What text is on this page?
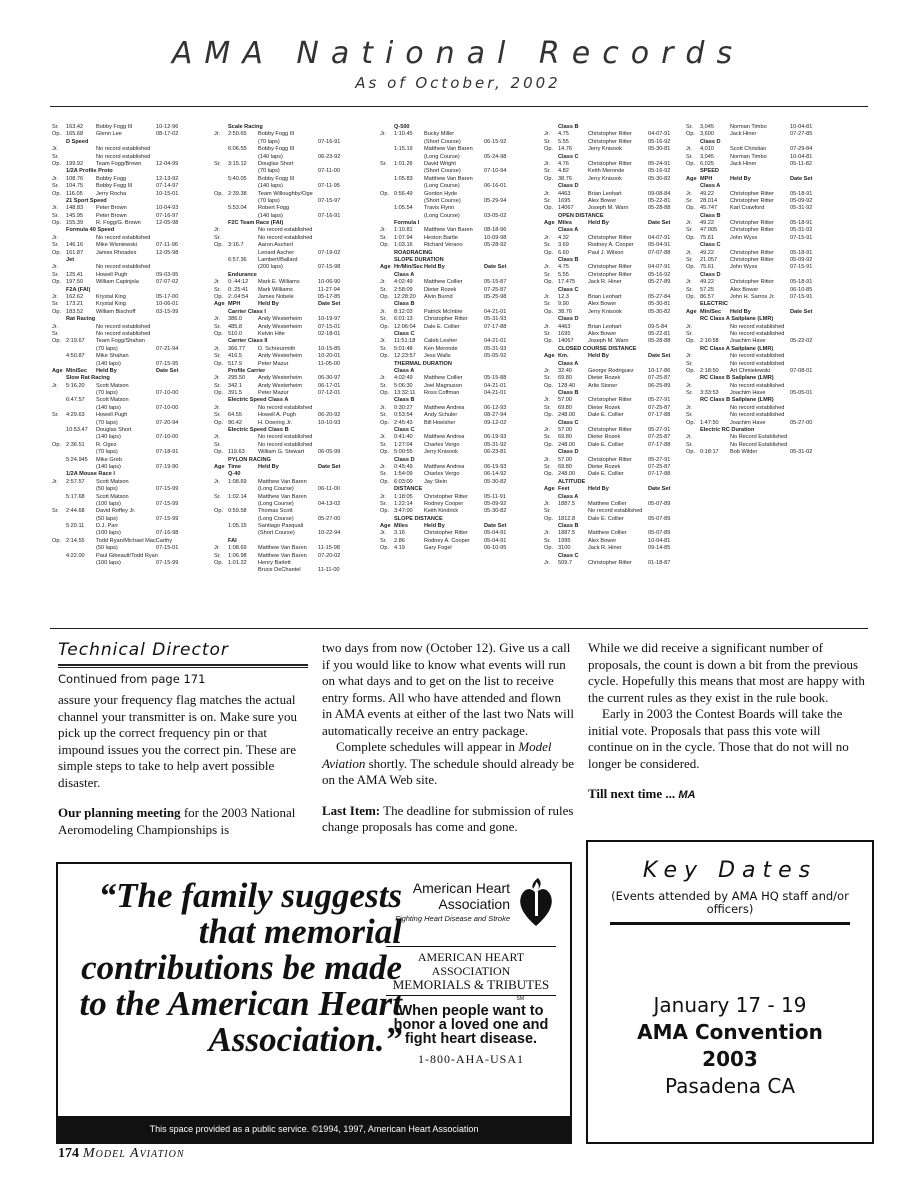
AMA National Records
As of October, 2002
Sr. 163.42 Bobby Fogg III	10-12-96
Op. 165.68 Glenn Lee	08-17-02
D Speed
Jr.	No record established
Sr.	No record established
Op. 199.92 Team Fogg/Brown	12-04-99
1/2A Profile Proto
Jr. 108.76 Bobby Fogg	12-13-92
Sr. 104.75 Bobby Fogg III	07-14-97
Op. 116.05 Jerry Rocha	10-15-01
21 Sport Speed
Jr. 148.83 Peter Brown	10-04-93
Sr. 145.95 Peter Brown	07-16-97
Op. 155.39 R. Fogg/G. Brown	12-05-98
Formula 40 Speed
Jr.	No record established
Sr. 146.16 Mike Wisniewski	07-11-96
Op. 161.87 James Rhoades	12-05-98
Jet
Jr.	No record established
Sr. 125.41 Howell Pugh	09-03-95
Op. 197.50 William Capinjola	07-07-02
F2A (FAI)
Jr. 162.62 Krystal King	05-17-00
Sr. 173.21 Krystal King	10-06-01
Op. 183.52 William Bischoff	03-15-99
Rat Racing
Jr.	No record established
Sr.	No record established
Op. 2:19.67 Team Fogg/Shahan
(70 laps)	07-21-94
4:50.87 Mike Shahan
(140 laps)	07-15-95
Age MiniSec Held By	Date Set
Slow Rat Racing
Jr. 5:16.20 Scott Matson
(70 laps)	07-10-00
6:47.57 Scott Matson
(140 laps)	07-10-00
Sr. 4:29.63 Howell Pugh
(70 laps)	07-20-94
10:53.47 Douglas Short
(140 laps)	07-10-00
Op. 2:36.51 R. Ogez
(70 laps)	07-18-91
5:24.945 Mike Greb
(140 laps)	07-19-90
1/2A Mouse Race I
Jr. 2:57.57 Scott Matson
(50 laps)	07-15-99
5:17.68 Scott Matson
(100 laps)	07-15-99
Sr. 2:44.68 David Roffey Jr.
(50 laps)	07-15-99
5:20.11 D.J. Parr
(100 laps)	07-16-98
Op. 2:14.55 Todd Ryan/Michael MacCarthy
(50 laps)	07-15-01
4:22.00 Paul Gibeault/Todd Ryan
(100 laps)	07-15-99
Scale Racing
Jr. 2:50.65 Bobby Fogg III
(70 laps)	07-16-91
6:06.55 Bobby Fogg III
(140 laps)	06-23-92
Sr. 3:15.12 Douglas Short
(70 laps)	07-11-00
5:40.05 Bobby Fogg III
(140 laps)	07-11-95
Op. 2:39.38 Team Willoughby/Oge
(70 laps)	07-15-97
5:53.04 Robert Fogg
(140 laps)	07-16-91
F2C Team Race (FAI)
Jr.	No record established
Sr.	No record established
Op. 3:16.7	Aaron Ascherl
Lenard Ascher	07-19-02
6:57.36 Lambert/Ballard
(200 laps)	07-15-98
Endurance
Jr. 0:.44:12 Mark E. Williams	10-06-90
Sr. 0:.25:41 Mark Williams	11-27-94
Op. 2:.04:54 James Nobele	05-17-85
Age MPH	Held By	Date Set
Carrier Class I
Jr. 386.0	Andy Westerheim	10-19-97
Sr. 485.8	Andy Westerheim	07-15-01
Op. 510.0	Kelvin Hite	02-18-01
Carrier Class II
Jr. 366.77 D. Schreurmith	10-15-85
Sr. 416.5	Andy Westerheim	10-20-01
Op. 517.9	Peter Mazur	11-05-00
Profile Carrier
Jr. 295.50 Andy Westerheim	06-30-97
Sr. 342.1	Andy Westerheim	06-17-01
Op. 391.5	Peter Mazur	07-12-01
Electric Speed Class A
Jr.	No record established
Sr. 64.55	Howell A. Pugh	06-20-92
Op. 90.42	H. Doering Jr.	10-10-93
Electric Speed Class B
Jr.	No record established
Sr.	No record established
Op. 119.63 William G. Stewart	06-05-99
PYLON RACING
Age Time	Held By	Date Set
Q-40
Jr. 1:08.69 Matthew Van Baren
(Long Course)	06-11-00
Sr. 1:02.14 Matthew Van Baren
(Long Course)	04-13-02
Op. 0:59.58 Thomas Scott
(Long Course)	05-27-00
1:05.15 Santiago Pasquali
(Short Course)	10-22-94
FAI
Jr. 1:08.69 Matthew Van Baren 11-15-98
Sr. 1:06.98 Matthew Van Baren 07-20-02
Op. 1:01.22 Henry Barlett
Bruce DeChantel	11-11-00
Q-500
Jr. 1:10.45 Bucky Miller
(Short Course)	06-15-92
1:15.19 Matthew Van Baren
(Long Course)	05-24-98
Sr. 1:01.26 David Wright
(Short Course)	07-10-94
1:05.83 Matthew Van Baren
(Long Course)	06-16-01
Op. 0:56.49 Gordon Hyde
(Short Course)	05-29-94
1:05.54 Travis Flynn
(Long Course)	03-05-02
Formula I
Jr. 1:10.81 Matthew Van Baren 08-18-96
Sr. 1:07.94 Heston Bartle	10-09-98
Op. 1:03.16 Richard Verano	05-28-92
ROADRACING
SLOPE DURATION
Age Hr/Min/SecHeld By	Date Set
Class A
Jr. 4:02:49 Matthew Collier	05-15-87
Sr. 2:58:09 Dieter Rozek	07-25-87
Op. 12:28:20 Alvin Burnd	05-25-98
Class B
Jr. 8:12:03 Patrick McIntire	04-21-01
Sr. 6:01:13 Christopher Ritter	05-31-93
Op. 12:06:04 Dale E. Collier	07-17-88
Class C
Jr. 11:51:18 Caleb Lesher	04-21-01
Sr. 5:01:48 Ken Meronde	05-31-93
Op. 12:23:57 Jess Walls	05-05-92
THERMAL DURATION
Class A
Jr. 4:02:49 Matthew Collier	05-15-88
Sr. 5:06:30 Joel Magnuson	04-21-01
Op. 13:32:11 Ross Coffman	04-21-01
Class B
Jr. 0:30:27 Matthew Andrea	06-12-93
Sr. 0:53:54 Andy Schuler	08-27-94
Op. 2:45:43 Bill Hoelsher	09-12-02
Class C
Jr. 0:41:40 Matthew Andrea	06-19-93
Sr. 1:27:04 Charles Vergo	05-31-92
Op. 5:00:55 Jerry Knisook	06-23-81
Class D
Jr. 0:45:49 Matthew Andrea	06-19-93
Sr. 1:54:09 Charles Vergo	06-14-92
Op. 6:03:00 Jay Stein	05-30-82
DISTANCE
Jr. 1:18:05 Christopher Ritter	05-11-91
Sr. 1:22:14 Rodney Cooper	05-09-92
Op. 3:47:00 Keith Kindrick	05-30-82
SLOPE DISTANCE
Age Miles	Held By	Date Set
Jr. 3.16	Christopher Ritter	05-04-91
Sr. 2.86	Rodney A. Cooper	05-04-91
Op. 4.19	Gary Fogel	06-10-95
Class B
Jr. 4.75	Christopher Ritter	04-07-91
Sr. 5.55	Christopher Ritter	05-16-92
Op. 14.76	Jerry Knisook	05-30-81
Class C
Jr. 4.76	Christopher Ritter	05-24-91
Sr. 4.82	Keith Meronde	05-16-92
Op. 38.76	Jerry Knisook	05-30-82
Class D
Jr. 4463	Brian Leohart	09-08-84
Sr. 1695	Alex Bower	05-22-81
Op. 14067	Joseph M. Warn	05-28-88
OPEN DISTANCE
Age Miles	Held By	Date Set
Class A
Jr. 4.32	Christopher Ritter	04-07-91
Sr. 3.69	Rodney A. Cooper	05-04-91
Op. 6.60	Paul J. Wilson	07-07-88
Class B
Jr. 4.75	Christopher Ritter	04-07-91
Sr. 5.55	Christopher Ritter	05-16-92
Op. 17.475 Jack R. Hiner	05-27-89
Class C
Jr. 12.3	Brian Leohart	05-27-84
Sr. 9.90	Alex Bower	05-30-81
Op. 38.76	Jerry Knisook	05-30-82
Class D
Jr. 4463	Brian Leohart	09-5-84
Sr. 1695	Alex Bower	05-22-81
Op. 14067	Joseph M. Warn	05-28-88
CLOSED COURSE DISTANCE
Age Km.	Held By	Date Set
Class A
Jr. 32.40	George Rodriguez	10-17-86
Sr. 69.80	Dieter Rozek	07-25-87
Op. 128.40 Arlie Stoner	06-25-89
Class B
Jr. 57.00	Christopher Ritter	05-27-91
Sr. 69.80	Dieter Rozek	07-25-87
Op. 248.00 Dale E. Collier	07-17-88
Class C
Jr. 57.00	Christopher Ritter	05-27-91
Sr. 69.80	Dieter Rozek	07-25-87
Op. 248.00 Dale E. Collier	07-17-88
Class D
Jr. 57.00	Christopher Ritter	05-27-91
Sr. 69.80	Dieter Rozek	07-25-87
Op. 248.00 Dale E. Collier	07-17-88
ALTITUDE
Age Feet	Held By	Date Set
Class A
Jr. 1887.5 Matthew Collier	05-07-89
Sr.	No record established
Op. 1812.8 Dale E. Collier	05-07-89
Class B
Jr. 1887.5 Matthew Collier	05-07-89
Sr. 1995	Alex Bower	10-04-81
Op. 3100	Jack R. Hiner	09-14-85
Class C
Jr. 509.7	Christopher Ritter	01-18-87
Sr. 3,045	Norman Timbo	10-04-81
Op. 3,600	Jack Hiner	07-27-85
Class D
Jr. 4,010	Scott Christian	07-29-84
Sr. 3,045	Norman Timbo	10-04-81
Op. 6,025	Jack Hiner	05-11-82
SPEED
Age MPH	Held By	Date Set
Class A
Jr. 49.22	Christopher Ritter	05-18-91
Sr. 28.014 Christopher Ritter	05-09-92
Op. 45.747 Karl Crawford	05-31-92
Class B
Jr. 49.22	Christopher Ritter	05-18-91
Sr. 47.005 Christopher Ritter	05-31-92
Op. 75.61	John Wyss	07-15-91
Class C
Jr. 49.22	Christopher Ritter	05-18-91
Sr. 21.057 Christopher Ritter	05-09-92
Op. 75.61	John Wyss	07-15-91
Class D
Jr. 49.22	Christopher Ritter	05-18-91
Sr. 57.25	Alex Bower	06-10-85
Op. 86.57	John H. Sarros Jr.	07-15-91
ELECTRIC
Age Min/Sec Held By	Date Set
RC Class A Sailplane (LMR)
Jr.	No record established
Sr.	No record established
Op. 2:16:58 Joachim Have	05-22-02
RC Class A Sailplane (LMR)
Jr.	No record established
Sr.	No record established
Op. 2:18:50 Art Chmielewski	07-08-01
RC Class B Sailplane (LMR)
Jr.	No record established
Sr. 3:33:53 Joachim Have	05-05-01
RC Class B Sailplane (LMR)
Jr.	No record established
Sr.	No record established
Op. 1:47:50 Joachim Have	05-27-00
Electric RC Duration
Jr.	No Record Established
Sr.	No Record Established
Op. 0:18:17 Bob Wilder	05-31-02
Technical Director
Continued from page 171

assure your frequency flag matches the actual channel your transmitter is on. Make sure you pick up the correct frequency pin or that impound issues you the correct pin. These are simple steps to take to help avert possible disaster.

Our planning meeting for the 2003 National Aeromodeling Championships is

two days from now (October 12). Give us a call if you would like to know what events will run on what days and to get on the list to receive entry forms. All who have attended and flown in AMA events at either of the last two Nats will automatically receive an entry package.

Complete schedules will appear in Model Aviation shortly. The schedule should already be on the AMA Web site.

Last Item: The deadline for submission of rules change proposals has come and gone.

While we did receive a significant number of proposals, the count is down a bit from the previous cycle. Hopefully this means that most are happy with the current rules as they exist in the rule book.

Early in 2003 the Contest Boards will take the initial vote. Proposals that pass this vote will continue on in the cycle. Those that do not will no longer be considered.

Till next time ... MA

“The family suggests that memorial contributions be made to the American Heart Association.”
American Heart Association
Fighting Heart Disease and Stroke
AMERICAN HEART
ASSOCIATION
MEMORIALS & TRIBUTES
SM
When people want to honor a loved one and fight heart disease.
1-800-AHA-USA1
This space provided as a public service. ©1994, 1997, American Heart Association
Key Dates
(Events attended by AMA HQ staff and/or officers)
January 17 - 19
AMA Convention
2003
Pasadena CA
174 Model Aviation
